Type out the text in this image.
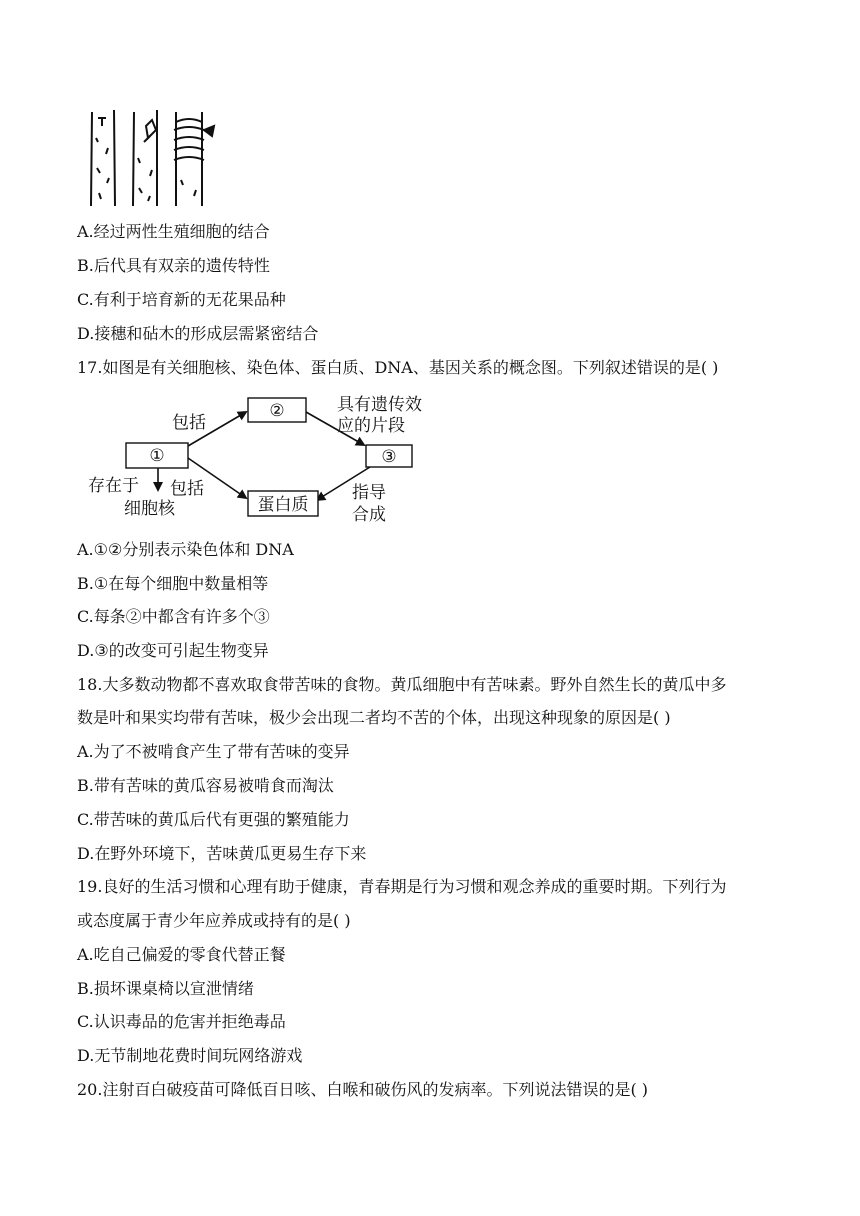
A.经过两性生殖细胞的结合
B.后代具有双亲的遗传特性
C.有利于培育新的无花果品种
D.接穗和砧木的形成层需紧密结合
17.如图是有关细胞核、染色体、蛋白质、DNA、基因关系的概念图。下列叙述错误的是( )
①
②
③
蛋白质
包括
具有遗传效
应的片段
包括	指导
合成
存在于
细胞核
A.①②分别表示染色体和 DNA
B.①在每个细胞中数量相等
C.每条②中都含有许多个③
D.③的改变可引起生物变异
18.大多数动物都不喜欢取食带苦味的食物。黄瓜细胞中有苦味素。野外自然生长的黄瓜中多
数是叶和果实均带有苦味，极少会出现二者均不苦的个体，出现这种现象的原因是( )
A.为了不被啃食产生了带有苦味的变异
B.带有苦味的黄瓜容易被啃食而淘汰
C.带苦味的黄瓜后代有更强的繁殖能力
D.在野外环境下，苦味黄瓜更易生存下来
19.良好的生活习惯和心理有助于健康，青春期是行为习惯和观念养成的重要时期。下列行为
或态度属于青少年应养成或持有的是( )
A.吃自己偏爱的零食代替正餐
B.损坏课桌椅以宣泄情绪
C.认识毒品的危害并拒绝毒品
D.无节制地花费时间玩网络游戏
20.注射百白破疫苗可降低百日咳、白喉和破伤风的发病率。下列说法错误的是( )
